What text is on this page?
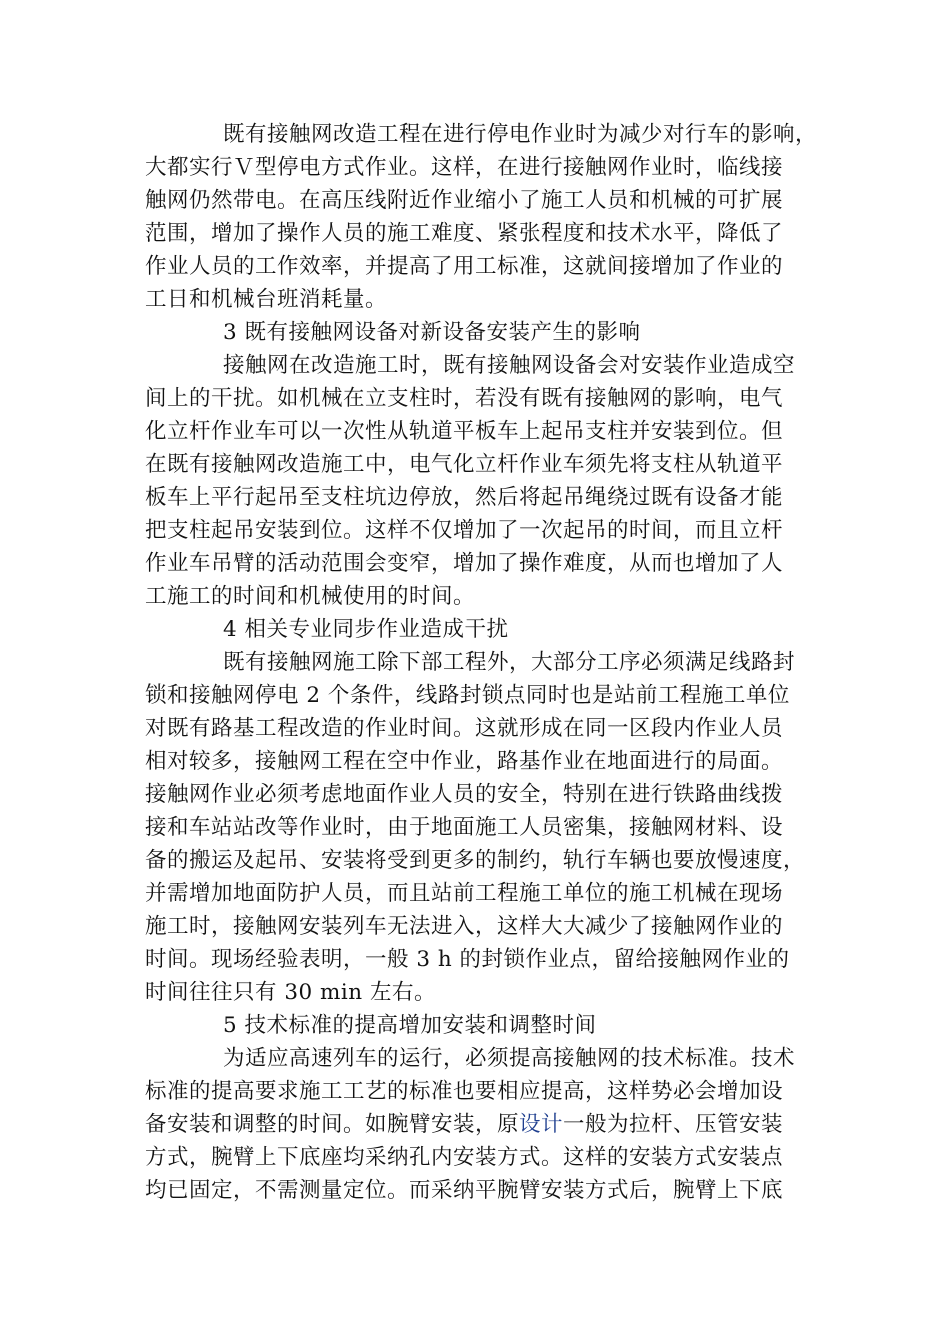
既有接触网改造工程在进行停电作业时为减少对行车的影响，
大都实行Ｖ型停电方式作业。这样，在进行接触网作业时，临线接
触网仍然带电。在高压线附近作业缩小了施工人员和机械的可扩展
范围，增加了操作人员的施工难度、紧张程度和技术水平，降低了
作业人员的工作效率，并提高了用工标准，这就间接增加了作业的
工日和机械台班消耗量。
3 既有接触网设备对新设备安装产生的影响
接触网在改造施工时，既有接触网设备会对安装作业造成空
间上的干扰。如机械在立支柱时，若没有既有接触网的影响，电气
化立杆作业车可以一次性从轨道平板车上起吊支柱并安装到位。但
在既有接触网改造施工中，电气化立杆作业车须先将支柱从轨道平
板车上平行起吊至支柱坑边停放，然后将起吊绳绕过既有设备才能
把支柱起吊安装到位。这样不仅增加了一次起吊的时间，而且立杆
作业车吊臂的活动范围会变窄，增加了操作难度，从而也增加了人
工施工的时间和机械使用的时间。
4 相关专业同步作业造成干扰
既有接触网施工除下部工程外，大部分工序必须满足线路封
锁和接触网停电 2 个条件，线路封锁点同时也是站前工程施工单位
对既有路基工程改造的作业时间。这就形成在同一区段内作业人员
相对较多，接触网工程在空中作业，路基作业在地面进行的局面。
接触网作业必须考虑地面作业人员的安全，特别在进行铁路曲线拨
接和车站站改等作业时，由于地面施工人员密集，接触网材料、设
备的搬运及起吊、安装将受到更多的制约，轨行车辆也要放慢速度，
并需增加地面防护人员，而且站前工程施工单位的施工机械在现场
施工时，接触网安装列车无法进入，这样大大减少了接触网作业的
时间。现场经验表明，一般 3 h 的封锁作业点，留给接触网作业的
时间往往只有 30 min 左右。
5 技术标准的提高增加安装和调整时间
为适应高速列车的运行，必须提高接触网的技术标准。技术
标准的提高要求施工工艺的标准也要相应提高，这样势必会增加设
备安装和调整的时间。如腕臂安装，原设计一般为拉杆、压管安装
方式，腕臂上下底座均采纳孔内安装方式。这样的安装方式安装点
均已固定，不需测量定位。而采纳平腕臂安装方式后，腕臂上下底
